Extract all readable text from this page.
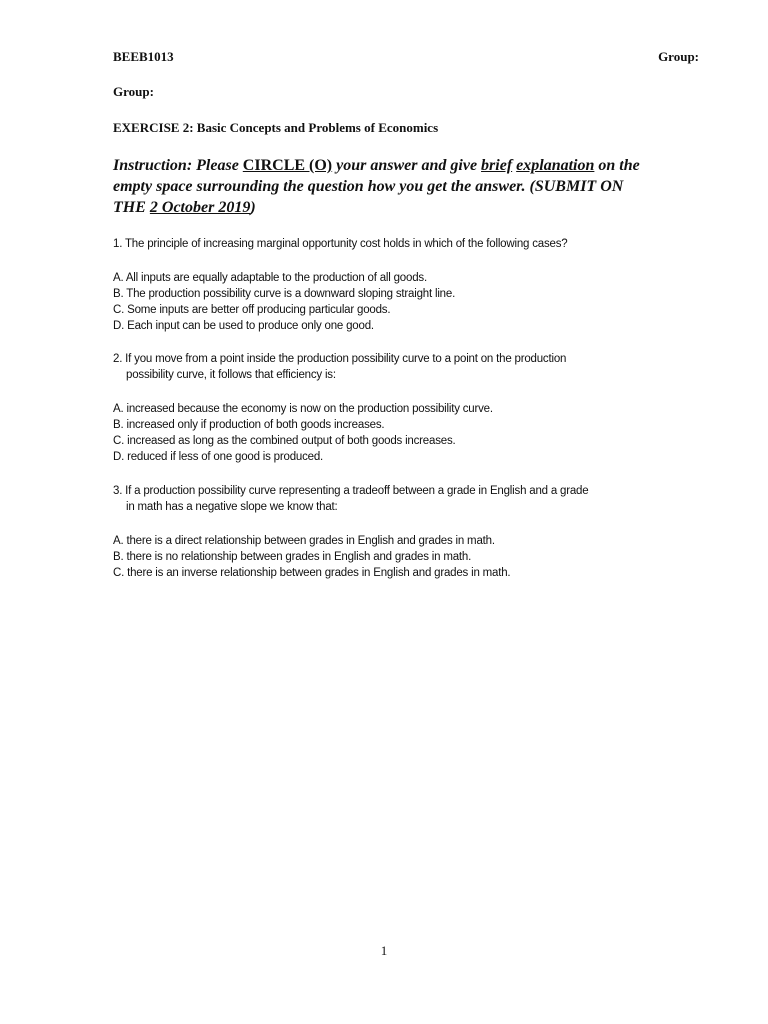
BEEB1013	Group:
Group:
EXERCISE 2: Basic Concepts and Problems of Economics
Instruction: Please CIRCLE (O) your answer and give brief explanation on the empty space surrounding the question how you get the answer. (SUBMIT ON THE 2 October 2019)
1. The principle of increasing marginal opportunity cost holds in which of the following cases?
A. All inputs are equally adaptable to the production of all goods.
B. The production possibility curve is a downward sloping straight line.
C. Some inputs are better off producing particular goods.
D. Each input can be used to produce only one good.
2. If you move from a point inside the production possibility curve to a point on the production
possibility curve, it follows that efficiency is:
A. increased because the economy is now on the production possibility curve.
B. increased only if production of both goods increases.
C. increased as long as the combined output of both goods increases.
D. reduced if less of one good is produced.
3. If a production possibility curve representing a tradeoff between a grade in English and a grade
in math has a negative slope we know that:
A. there is a direct relationship between grades in English and grades in math.
B. there is no relationship between grades in English and grades in math.
C. there is an inverse relationship between grades in English and grades in math.
1
